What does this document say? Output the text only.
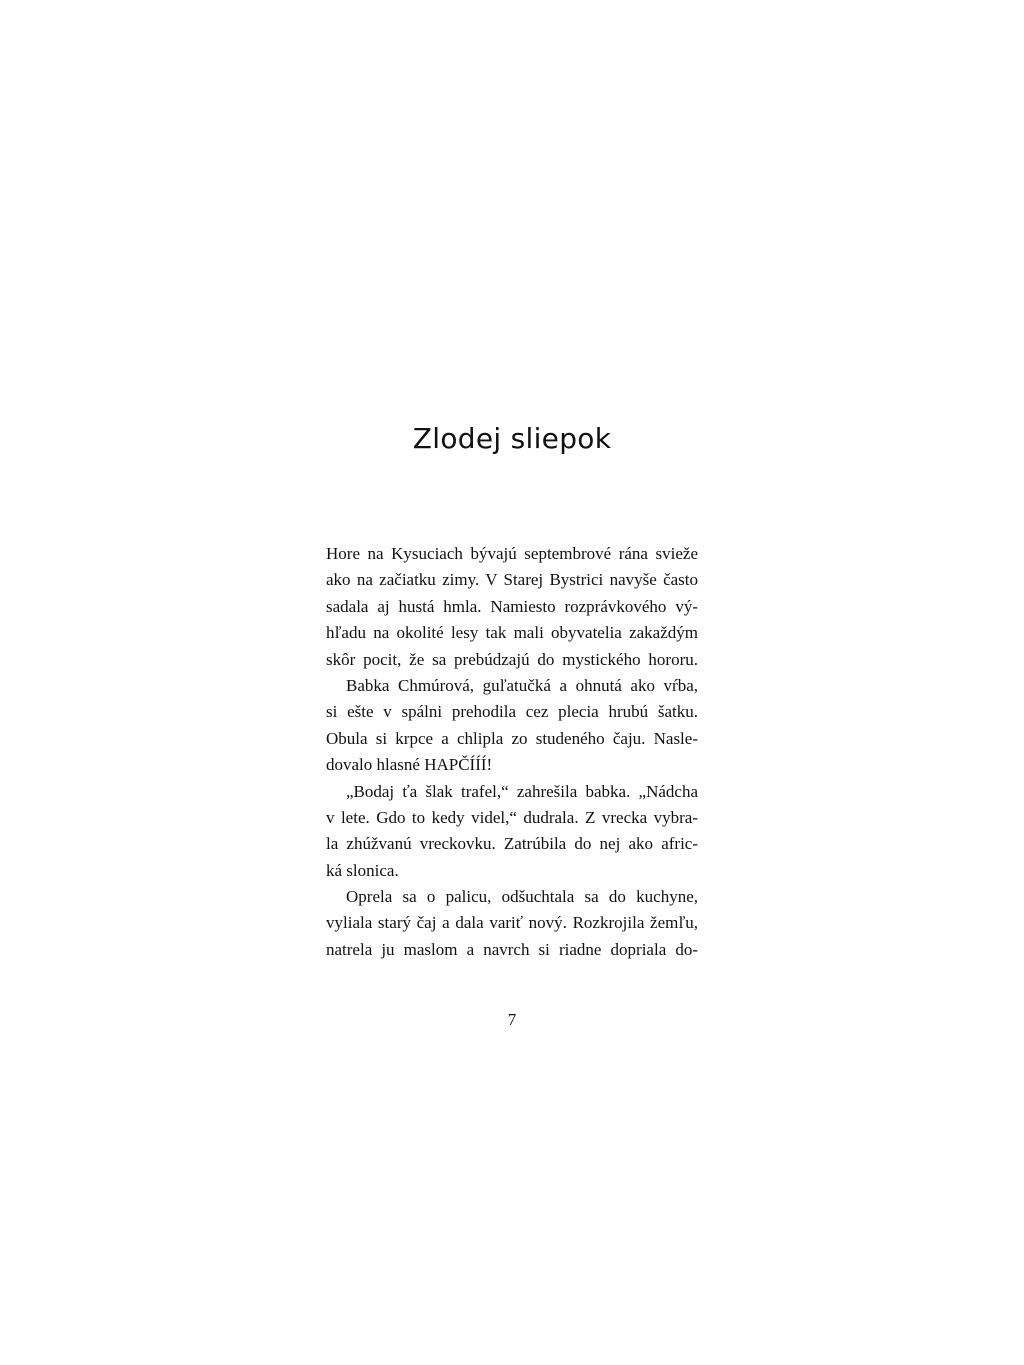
Zlodej sliepok
Hore na Kysuciach bývajú septembrové rána svieže
ako na začiatku zimy. V Starej Bystrici navyše často
sadala aj hustá hmla. Namiesto rozprávkového vý-
hľadu na okolité lesy tak mali obyvatelia zakaždým
skôr pocit, že sa prebúdzajú do mystického hororu.
Babka Chmúrová, guľatučká a ohnutá ako vŕba,
si ešte v spálni prehodila cez plecia hrubú šatku.
Obula si krpce a chlipla zo studeného čaju. Nasle-
dovalo hlasné HAPČÍÍÍ!
„Bodaj ťa šlak trafel,“ zahrešila babka. „Nádcha
v lete. Gdo to kedy videl,“ dudrala. Z vrecka vybra-
la zhúžvanú vreckovku. Zatrúbila do nej ako afric-
ká slonica.
Oprela sa o palicu, odšuchtala sa do kuchyne,
vyliala starý čaj a dala variť nový. Rozkrojila žemľu,
natrela ju maslom a navrch si riadne dopriala do-

7
